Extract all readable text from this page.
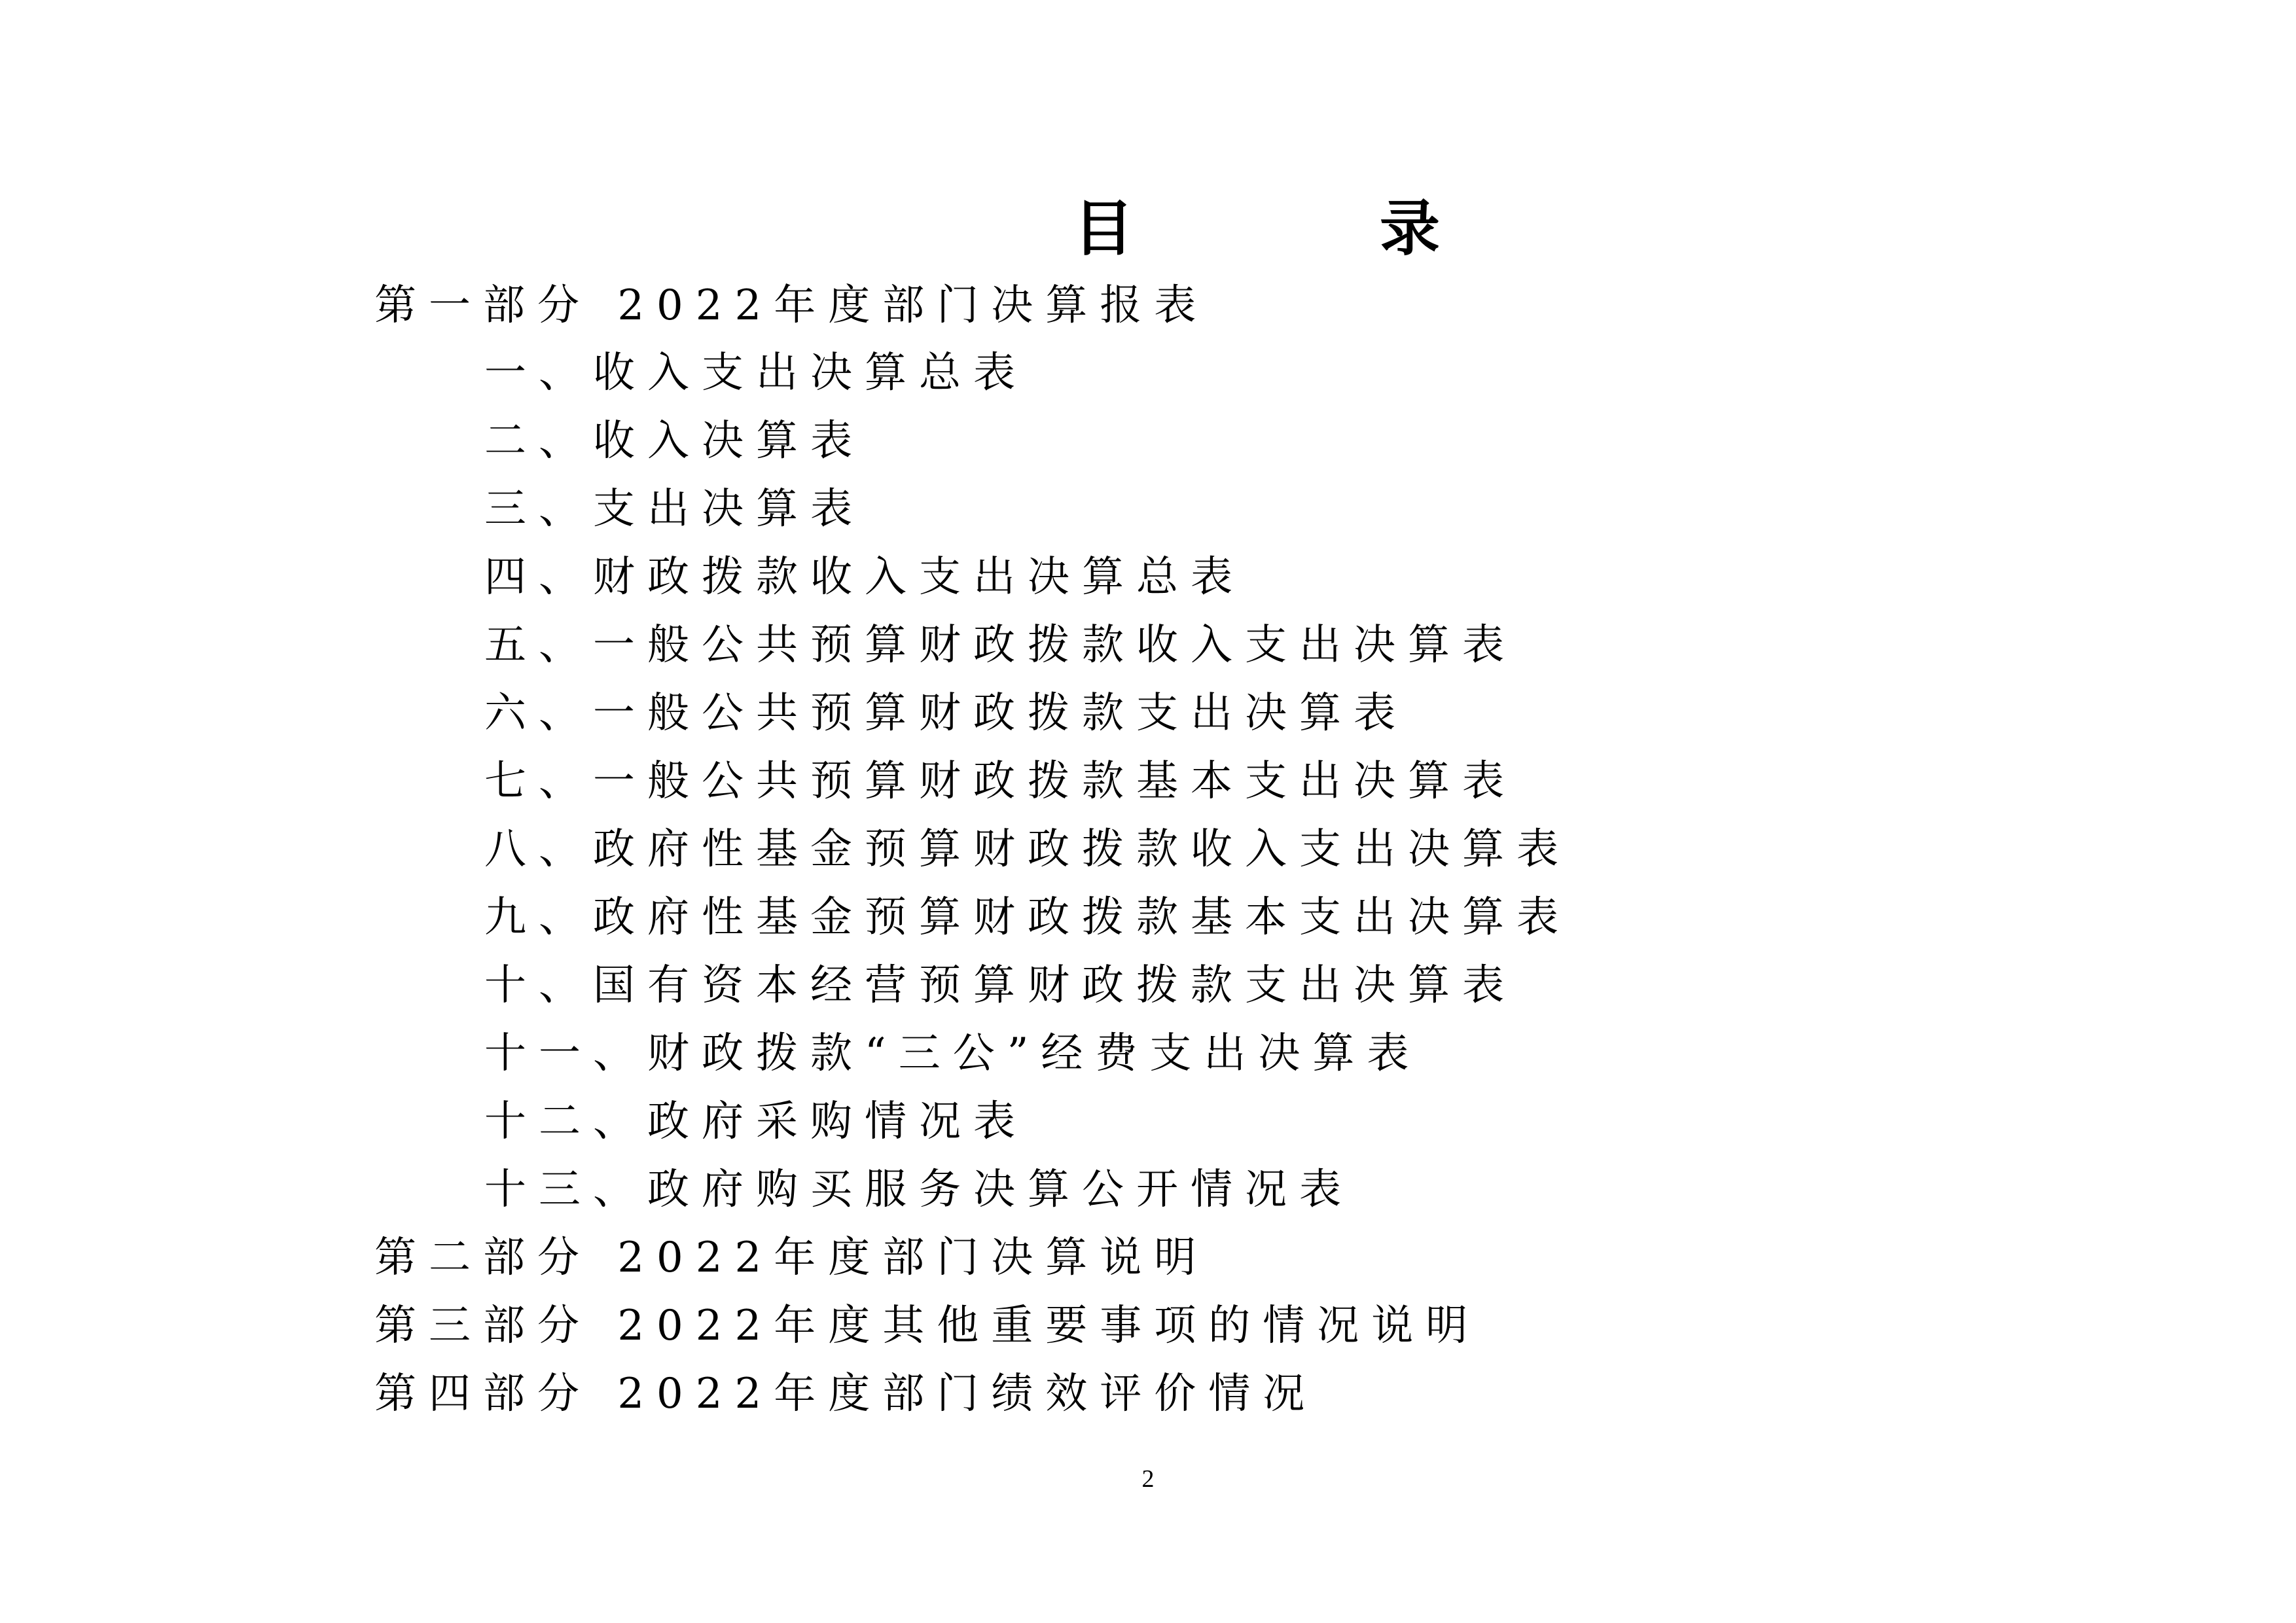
目 录
第一部分 2022年度部门决算报表
一、收入支出决算总表
二、收入决算表
三、支出决算表
四、财政拨款收入支出决算总表
五、一般公共预算财政拨款收入支出决算表
六、一般公共预算财政拨款支出决算表
七、一般公共预算财政拨款基本支出决算表
八、政府性基金预算财政拨款收入支出决算表
九、政府性基金预算财政拨款基本支出决算表
十、国有资本经营预算财政拨款支出决算表
十一、财政拨款“三公”经费支出决算表
十二、政府采购情况表
十三、政府购买服务决算公开情况表
第二部分 2022年度部门决算说明
第三部分 2022年度其他重要事项的情况说明
第四部分 2022年度部门绩效评价情况
2
